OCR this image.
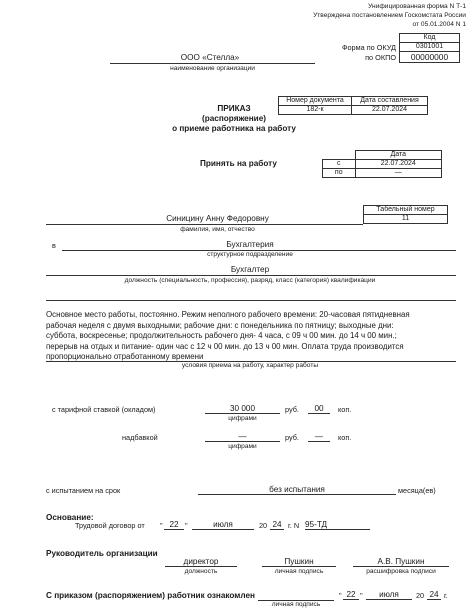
Унифицированная форма N Т-1
Утверждена постановлением Госкомстата России
от 05.01.2004 N 1
Код
0301001
00000000
Форма по ОКУД
по ОКПО
ООО «Стелла»
наименование организации
Номер документа	Дата составления
182-к	22.07.2024
ПРИКАЗ
(распоряжение)
о приеме работника на работу
	Дата
с	22.07.2024
по	—
Принять на работу
Табельный номер
11
Синицину Анну Федоровну
фамилия, имя, отчество
в	Бухгалтерия
структурное подразделение
Бухгалтер
должность (специальность, профессия), разряд, класс (категория) квалификации
Основное место работы, постоянно. Режим неполного рабочего времени: 20-часовая пятидневная
рабочая неделя с двумя выходными; рабочие дни: с понедельника по пятницу; выходные дни:
суббота, воскресенье; продолжительность рабочего дня- 4 часа, с 09 ч 00 мин. до 14 ч 00 мин.;
перерыв на отдых и питание- один час с 12 ч 00 мин. до 13 ч 00 мин. Оплата труда производится
пропорционально отработанному времени
условия приема на работу, характер работы
с тарифной ставкой (окладом)	30 000
цифрами
руб.	00	коп.
надбавкой	—
цифрами
руб.	—	коп.
с испытанием на срок	без испытания	месяца(ев)
Основание:
Трудовой договор от " 22 "	июля	20 24 г. N 95-ТД
Руководитель организации
директор
должность
Пушкин
личная подпись
А.В. Пушкин
расшифровка подписи
С приказом (распоряжением) работник ознакомлен
личная подпись
" 22 "	июля	20 24 г.
